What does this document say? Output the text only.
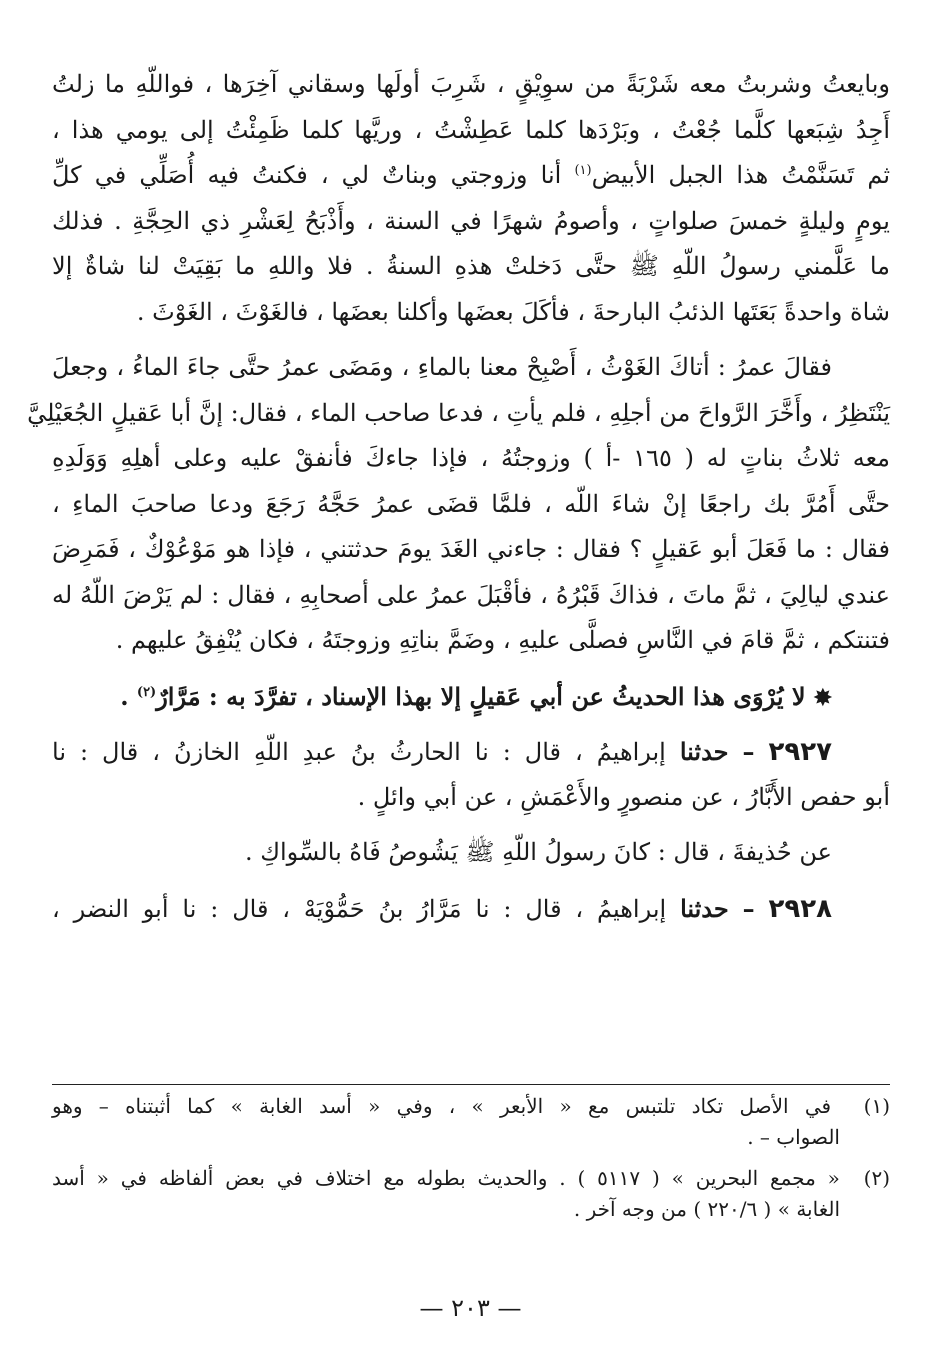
وبايعتُ وشربتُ معه شَرْبَةً من سوِيْقٍ ، شَرِبَ أولَها وسقاني آخِرَها ، فواللّهِ ما زلتُ
أَجِدُ شِبَعها كلَّما جُعْتُ ، وبَرْدَها كلما عَطِشْتُ ، وريَّها كلما ظَمِئْتُ إلى يومي هذا ،
ثم تَسَنَّمْتُ هذا الجبل الأبيض$^{(١)}$ أنا وزوجتي وبناتٌ لي ، فكنتُ فيه أُصَلِّي في كلِّ
يومٍ وليلةٍ خمسَ صلواتٍ ، وأصومُ شهرًا في السنة ، وأَذْبَحُ لِعَشْرِ ذي الحِجَّةِ . فذلك
ما عَلَّمني رسولُ اللّهِ ﷺ حتَّى دَخلتْ هذهِ السنةُ . فلا واللهِ ما بَقِيَتْ لنا شاةٌ إلا
شاة واحدةً بَعَتَها الذئبُ البارحةَ ، فأكَلَ بعضَها وأكلنا بعضَها ، فالغَوْثَ ، الغَوْثَ .
فقالَ عمرُ : أتاكَ الغَوْثُ ، أَصْبِحْ معنا بالماءِ ، ومَضَى عمرُ حتَّى جاءَ الماءُ ، وجعلَ
يَنْتَظِرُ ، وأَخَّرَ الرَّواحَ من أجلِهِ ، فلم يأتِ ، فدعا صاحب الماء ، فقال: إنَّ أبا عَقيلٍ الجُعَيْلِيَّ
معه ثلاثُ بناتٍ له ( ١٦٥ -أ ) وزوجتُهُ ، فإذا جاءكَ فأنفقْ عليه وعلى أهلِهِ وَوَلَدِهِ
حتَّى أَمُرَّ بك راجعًا إنْ شاءَ اللّه ، فلمَّا قضَى عمرُ حَجَّهُ رَجَعَ ودعا صاحبَ الماءِ ،
فقال : ما فَعَلَ أبو عَقيلٍ ؟ فقال : جاءني الغَدَ يومَ حدثتني ، فإذا هو مَوْعُوْكٌ ، فَمَرِضَ
عندي ليالِيَ ، ثمَّ ماتَ ، فذاكَ قَبْرُهُ ، فأقْبَلَ عمرُ على أصحابِهِ ، فقال : لم يَرْضَ اللّهُ له
فتنتكم ، ثمَّ قامَ في النَّاسِ فصلَّى عليهِ ، وضَمَّ بناتِهِ وزوجتَهُ ، فكان يُنْفِقُ عليهم .
✸لا يُرْوَى هذا الحديثُ عن أبي عَقيلٍ إلا بهذا الإسناد ، تفرَّدَ به : مَرَّارٌ$^{(٢)}$ .
٢٩٢٧ – حدثنا إبراهيمُ ، قال : نا الحارثُ بنُ عبدِ اللّهِ الخازنُ ، قال : نا
أبو حفص الأَبَّارُ ، عن منصورٍ والأَعْمَشِ ، عن أبي وائلٍ .
عن حُذيفةَ ، قال : كانَ رسولُ اللّهِ ﷺ يَشُوصُ فَاهُ بالسِّواكِ .
٢٩٢٨ – حدثنا إبراهيمُ ، قال : نا مَرَّارُ بنُ حَمُّوْيَهْ ، قال : نا أبو النضر ،
(١)  في الأصل تكاد تلتبس مع « الأبعر » ، وفي « أسد الغابة » كما أثبتناه – وهو
الصواب – .
(٢)  « مجمع البحرين » ( ٥١١٧ ) . والحديث بطوله مع اختلاف في بعض ألفاظه في « أسد
الغابة » ( ٢٢٠/٦ ) من وجه آخر .
— ٢٠٣ —
